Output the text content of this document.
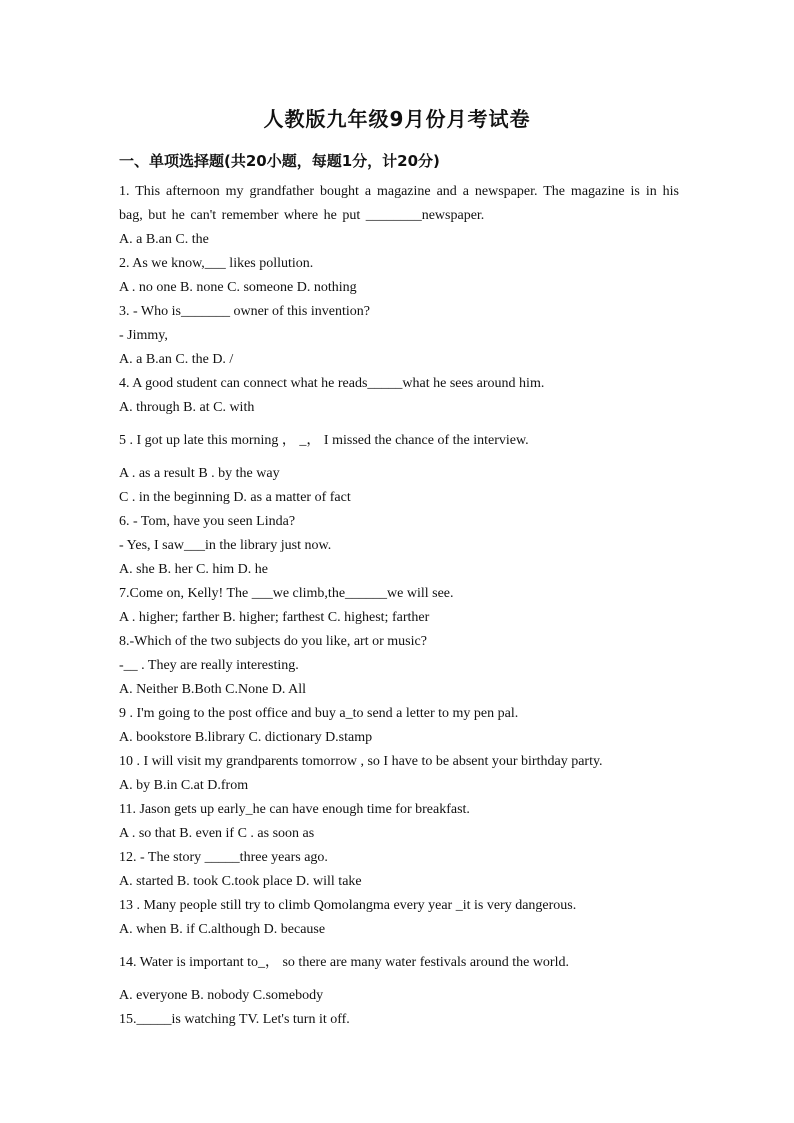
人教版九年级9月份月考试卷
一、单项选择题(共20小题，每题1分，计20分)
1. This afternoon my grandfather bought a magazine and a newspaper. The magazine is in his bag, but he can't remember where he put ________newspaper.
A. a B.an C. the
2. As we know,___ likes pollution.
A . no one B. none C. someone D. nothing
3. - Who is_______ owner of this invention?
- Jimmy,
A. a B.an C. the D. /
4. A good student can connect what he reads_____what he sees around him.
A. through B. at C. with
5 . I got up late this morning ， _， I missed the chance of the interview.
A . as a result B . by the way
C . in the beginning D. as a matter of fact
6. - Tom, have you seen Linda?
- Yes, I saw___in the library just now.
A. she B. her C. him D. he
7.Come on, Kelly! The ___we climb,the______we will see.
A . higher; farther B. higher; farthest C. highest; farther
8.-Which of the two subjects do you like, art or music?
-__ . They are really interesting.
A. Neither B.Both C.None D. All
9 . I'm going to the post office and buy a_to send a letter to my pen pal.
A. bookstore B.library C. dictionary D.stamp
10 . I will visit my grandparents tomorrow , so I have to be absent your birthday party.
A. by B.in C.at D.from
11. Jason gets up early_he can have enough time for breakfast.
A . so that B. even if C . as soon as
12. - The story _____three years ago.
A. started B. took C.took place D. will take
13 . Many people still try to climb Qomolangma every year _it is very dangerous.
A. when B. if C.although D. because
14. Water is important to_， so there are many water festivals around the world.
A. everyone B. nobody C.somebody
15._____is watching TV. Let's turn it off.
